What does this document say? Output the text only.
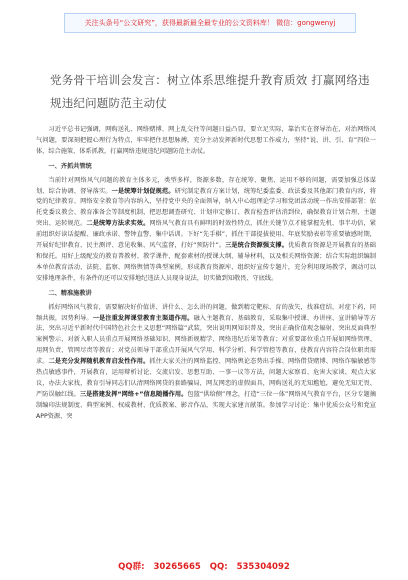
关注头条号“公文研究”，获得最新最全最专业的公文资料库！ 微信：gongwenyj
党务骨干培训会发言：树立体系思维提升教育质效 打赢网络违规违纪问题防范主动仗

习近平总书记强调，网购送礼、网络赌博、网上乱交往等问题日益凸显，要立足实际，靠治实在督导治在，对治网络风气问题，要深刻把握心理行为特点，牢牢把住思想脉搏，充分主动发挥新时代思想工作威力，坚持“说、讲、引、育”四位一体，综合施策、体系抓教，打赢网络违规违纪问题防范主动仗。

一、齐抓共管统

当前针对网络风气问题的教育主体多元，类型多样，资源多数，存在统筹、聚焦、运用不够的问题，需要加强总体谋划、综合协调、督导落实。一是统筹计划促规范。研究制定教育方案计划，统筹纪委监委、政法委及其他部门教育内容，将党的纪律教育、网络安全教育等内容纳入，坚持党中央的全面领导，纳入中心组理论学习和党团活动统一作出安排部署：依托党委议教会、教育准备会等制度机制，把思想调查研究、计划审定修订、教育检查评估消到位，确保教育计划合理、主题突出、运转规范。二是统筹方法求实效。网络风气教育具有鲜明的时效性特点，抓住关键节点才能掌握先机、事半功倍，紧前组织好读话提醒、廉政承诺、警钟直警、集中话训。下好“先手棋”，抓住干部提拔使用、年底奖励表彰等重要敏感时期，开展好纪律教育、民主测评、意见收集、风气监督，打好“预防针”。三是统合资源强支撑。优质教育资源是开展教育的基础和保托。用好上级配发的教育普教材、教学课件，配套素材的授课大纲、辅导材料，以及相关网络资源；结合实际组织编制本单位教育活动、法院、监察、网络舆情等典型案例，形成教育资源库，组织好宣传专题片，充分利用现场教学，调动可以安排地理条件，有条件的还可以安排地纪违法人员现身说法，切实做到知敬畏、守底线。

二、精准施教讲

抓好网络风气教育，需要解决好价值讲、讲什么、怎么讲的问题，做到精定靶标、育的放矢，找准症结，对症下药，同频共振，因势利导。一是注重发挥课堂教育主渠道作用。融入主题教育、基础教育，采取集中授课、办讲座、宣讲辅导等方法，突出习近平新时代中国特色社会主义思想“网络篇”武装，突出说明网知识普及，突出正确价值观念辐射、突出反面典型案例警示，对新入职人员重点开展网络基础知识、网络新规精学、网络违纪后果等教育；对重要部位重点开展如网络管理、用网负责、管网尽责等教育；对党员领导干部重点开展风气学用、科学分析、科学管控等教育，使教育内容符合岗位职责需求。二是充分发挥随机教育启发性作用。抓住大家关注的网络监控、网络舆论态势出手操、网络借贷赌博、网络诈骗敏感等热点敏感事件，开展教育，运用辩析讨论、交流启发、思想互助、一事一议等方法，问题大家察看、危害大家谈、观点大家议，办法大家找，教育引导同志们认清网络网贷的套路骗局，网友网恋的虚假面具，网购送礼的无知尴尬，避免无知无畏、严防误触红线。三是搭建发挥“网络+”信息随播作用。包篮“供给侧”理念，打造“三位一体”网络风气教育平台，区分专题摘制编印法规制度、典型案例、权威教材、优质教案、影音作品，实现大家建言献策。参加学习讨论：集中优质公众号和党宣APP资源，突

QQ群: 30265665 QQ: 535304092
